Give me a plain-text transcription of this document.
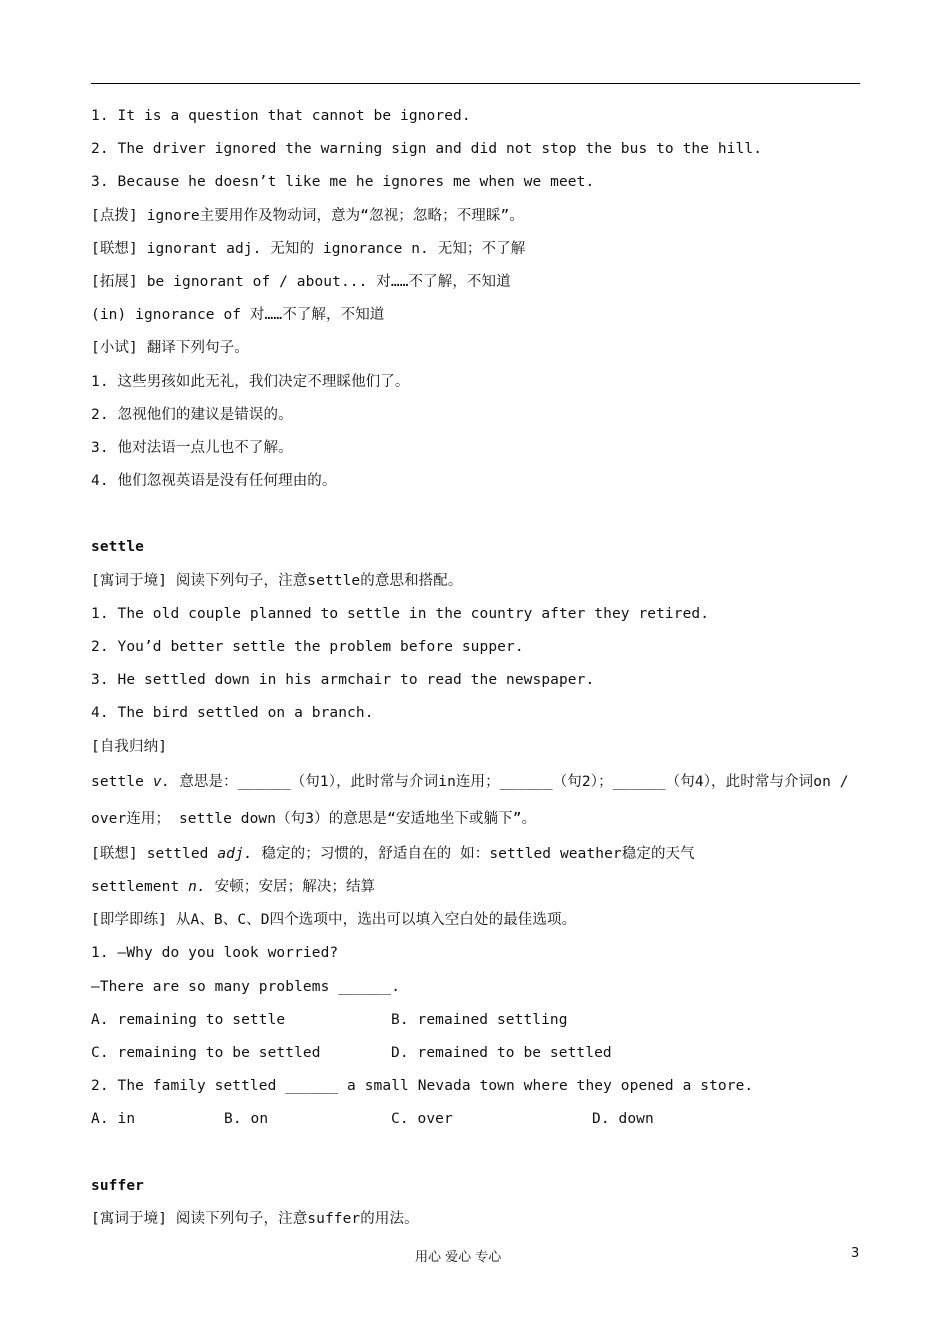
1. It is a question that cannot be ignored.
2. The driver ignored the warning sign and did not stop the bus to the hill.
3. Because he doesn’t like me he ignores me when we meet.
[点拨] ignore主要用作及物动词，意为“忽视；忽略；不理睬”。
[联想] ignorant adj. 无知的 ignorance n. 无知；不了解
[拓展] be ignorant of / about... 对……不了解，不知道
(in) ignorance of 对……不了解，不知道
[小试] 翻译下列句子。
1. 这些男孩如此无礼，我们决定不理睬他们了。
2. 忽视他们的建议是错误的。
3. 他对法语一点儿也不了解。
4. 他们忽视英语是没有任何理由的。
settle
[寓词于境] 阅读下列句子，注意settle的意思和搭配。
1. The old couple planned to settle in the country after they retired.
2. You’d better settle the problem before supper.
3. He settled down in his armchair to read the newspaper.
4. The bird settled on a branch.
[自我归纳]
settle v. 意思是：______（句1），此时常与介词in连用；______（句2）；______（句4），此时常与介词on / over连用； settle down（句3）的意思是“安适地坐下或躺下”。
[联想] settled adj. 稳定的；习惯的，舒适自在的 如：settled weather稳定的天气
settlement n. 安顿；安居；解决；结算
[即学即练] 从A、B、C、D四个选项中，选出可以填入空白处的最佳选项。
1. —Why do you look worried?
—There are so many problems ______.
A. remaining to settle	B. remained settling
C. remaining to be settled	D. remained to be settled
2. The family settled ______ a small Nevada town where they opened a store.
A. in	B. on	C. over	D. down
suffer
[寓词于境] 阅读下列句子，注意suffer的用法。
用心 爱心 专心	3
